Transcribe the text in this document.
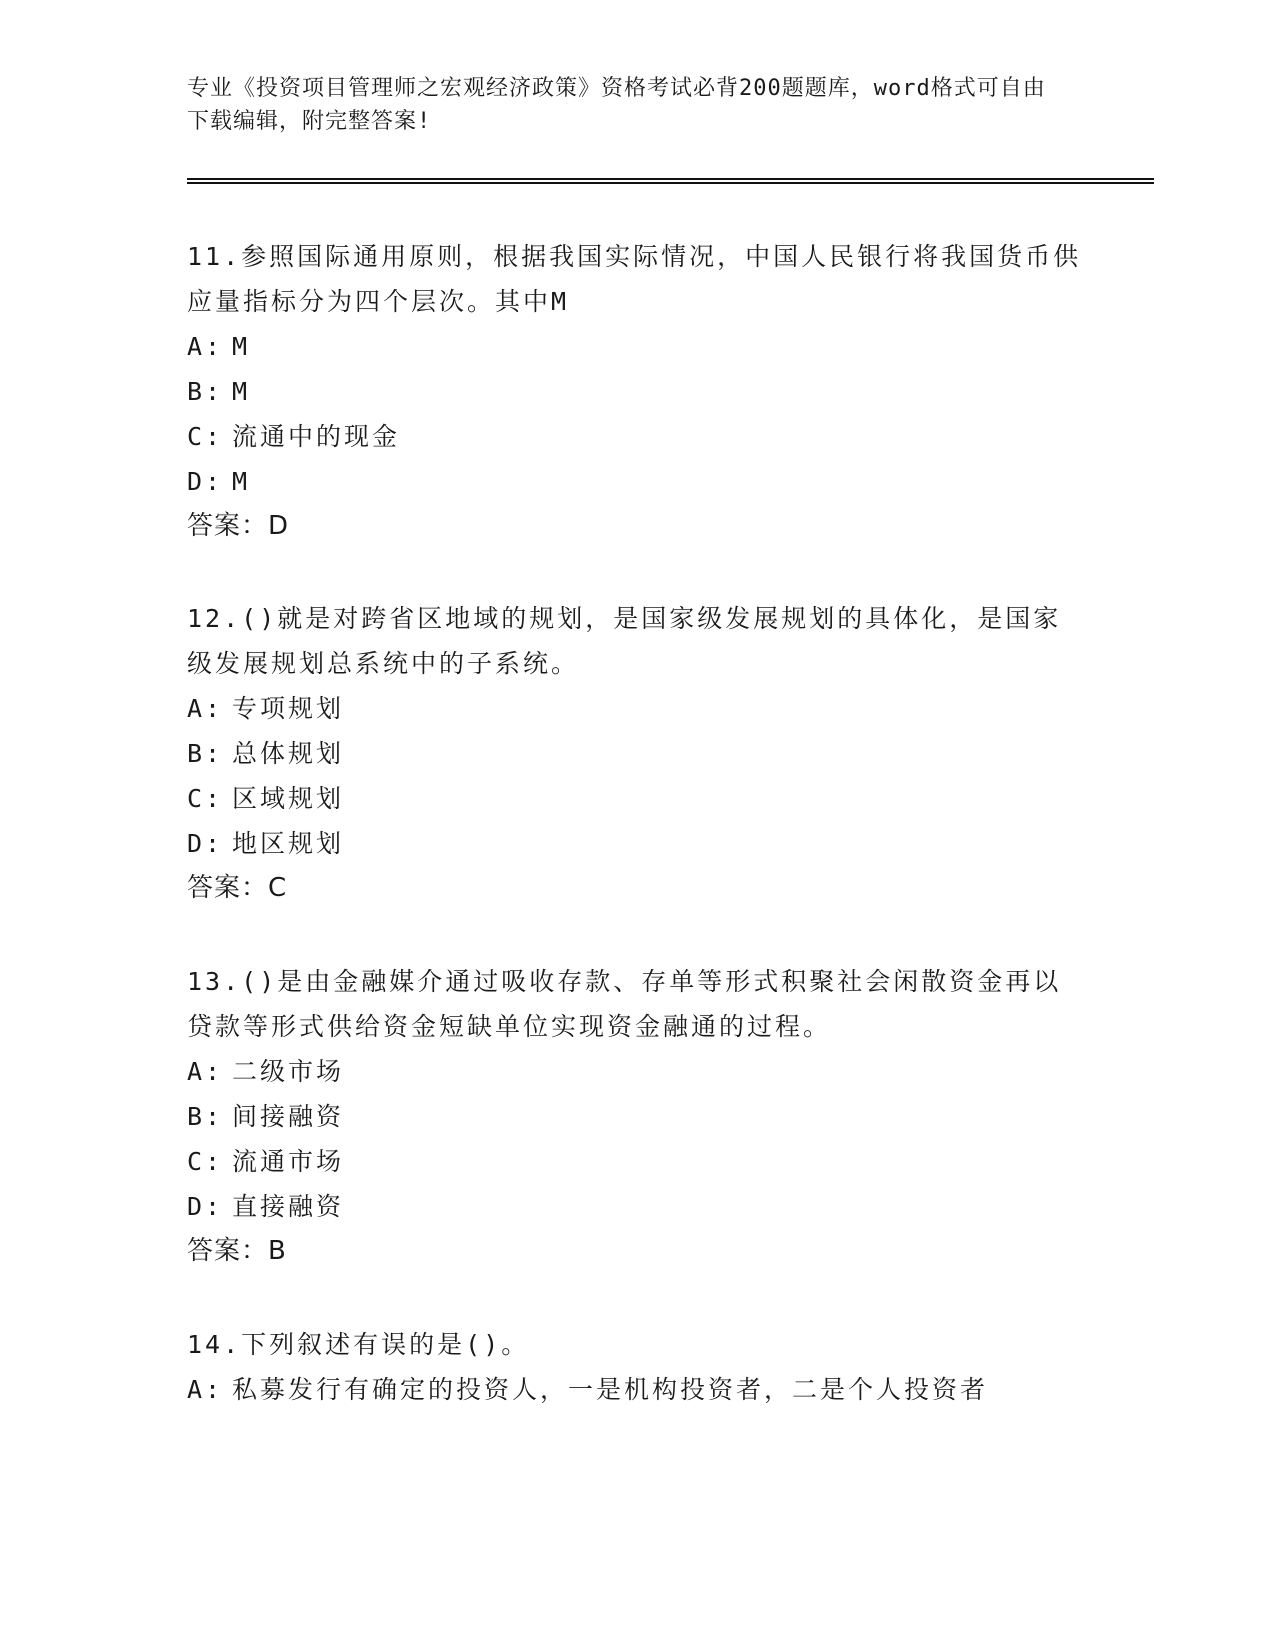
专业《投资项目管理师之宏观经济政策》资格考试必背200题题库，word格式可自由下载编辑，附完整答案!

11.参照国际通用原则，根据我国实际情况，中国人民银行将我国货币供应量指标分为四个层次。其中M

A: M
B: M
C: 流通中的现金
D: M
答案：D

12.()就是对跨省区地域的规划，是国家级发展规划的具体化，是国家级发展规划总系统中的子系统。

A: 专项规划
B: 总体规划
C: 区域规划
D: 地区规划
答案：C

13.()是由金融媒介通过吸收存款、存单等形式积聚社会闲散资金再以贷款等形式供给资金短缺单位实现资金融通的过程。

A: 二级市场
B: 间接融资
C: 流通市场
D: 直接融资
答案：B

14.下列叙述有误的是()。

A: 私募发行有确定的投资人，一是机构投资者，二是个人投资者
